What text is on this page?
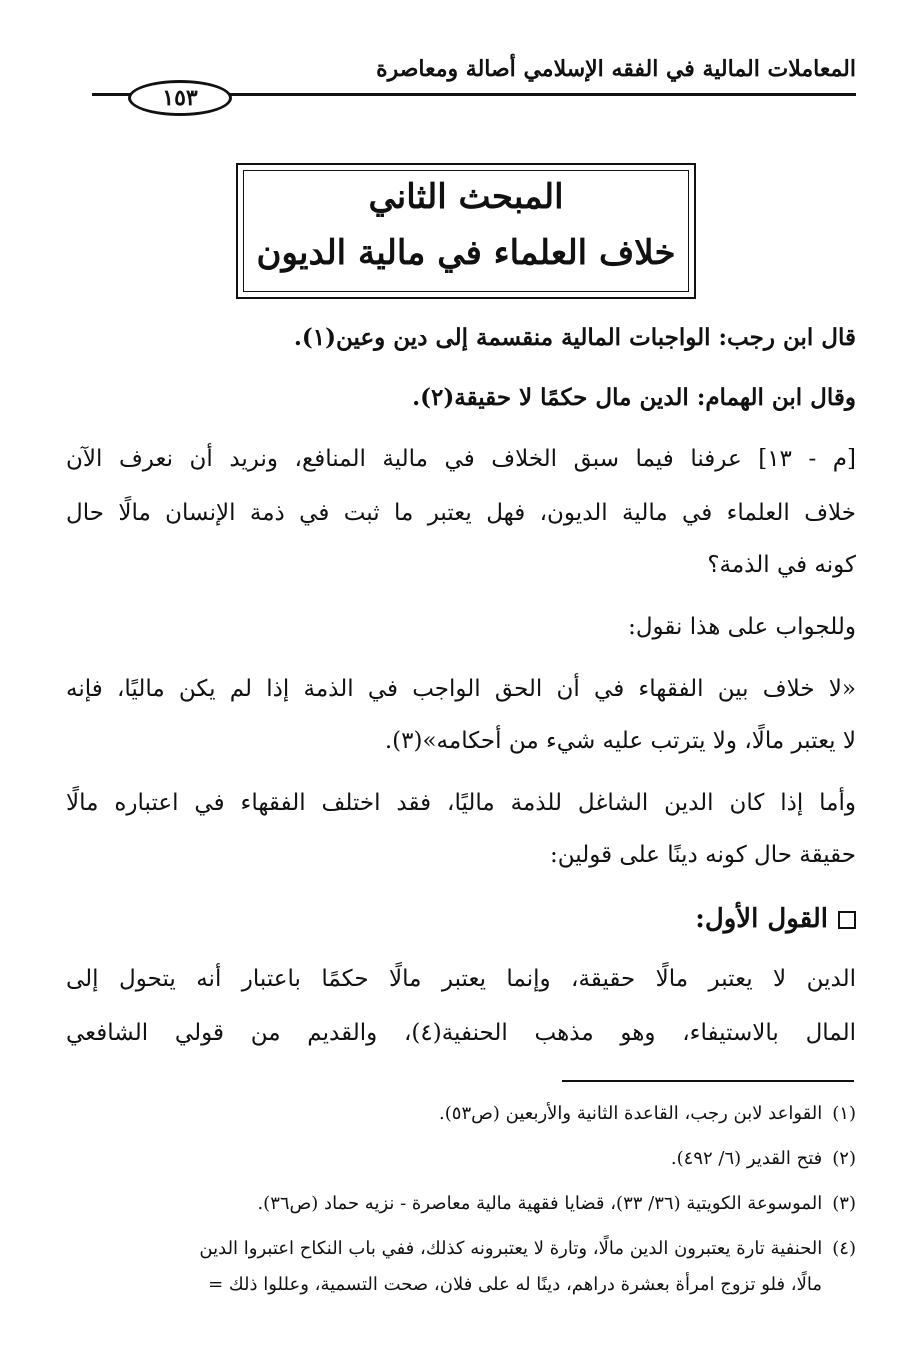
المعاملات المالية في الفقه الإسلامي أصالة ومعاصرة
١٥٣
المبحث الثاني
خلاف العلماء في مالية الديون
قال ابن رجب: الواجبات المالية منقسمة إلى دين وعين(١).
وقال ابن الهمام: الدين مال حكمًا لا حقيقة(٢).
[م - ١٣] عرفنا فيما سبق الخلاف في مالية المنافع، ونريد أن نعرف الآن
خلاف العلماء في مالية الديون، فهل يعتبر ما ثبت في ذمة الإنسان مالًا حال
كونه في الذمة؟
وللجواب على هذا نقول:
«لا خلاف بين الفقهاء في أن الحق الواجب في الذمة إذا لم يكن ماليًا، فإنه
لا يعتبر مالًا، ولا يترتب عليه شيء من أحكامه»(٣).
وأما إذا كان الدين الشاغل للذمة ماليًا، فقد اختلف الفقهاء في اعتباره مالًا
حقيقة حال كونه دينًا على قولين:
القول الأول:
الدين لا يعتبر مالًا حقيقة، وإنما يعتبر مالًا حكمًا باعتبار أنه يتحول إلى
المال بالاستيفاء، وهو مذهب الحنفية(٤)، والقديم من قولي الشافعي
(١)القواعد لابن رجب، القاعدة الثانية والأربعين (ص٥٣).
(٢)فتح القدير (٦/ ٤٩٢).
(٣)الموسوعة الكويتية (٣٦/ ٣٣)، قضايا فقهية مالية معاصرة - نزيه حماد (ص٣٦).
(٤)الحنفية تارة يعتبرون الدين مالًا، وتارة لا يعتبرونه كذلك، ففي باب النكاح اعتبروا الدين
مالًا، فلو تزوج امرأة بعشرة دراهم، دينًا له على فلان، صحت التسمية، وعللوا ذلك =
